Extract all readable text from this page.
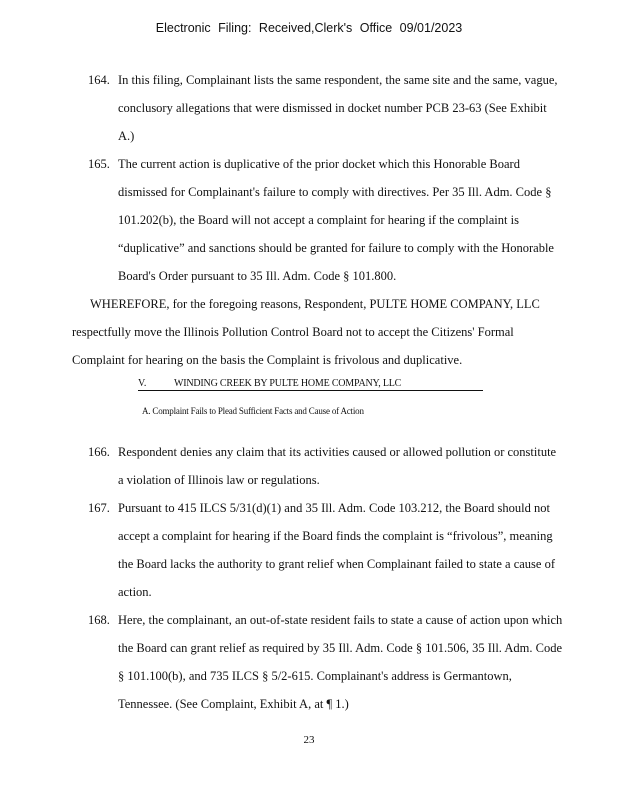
Electronic Filing: Received,Clerk's Office 09/01/2023
164. In this filing, Complainant lists the same respondent, the same site and the same, vague,
conclusory allegations that were dismissed in docket number PCB 23-63 (See Exhibit
A.)
165. The current action is duplicative of the prior docket which this Honorable Board
dismissed for Complainant's failure to comply with directives. Per 35 Ill. Adm. Code §
101.202(b), the Board will not accept a complaint for hearing if the complaint is
“duplicative” and sanctions should be granted for failure to comply with the Honorable
Board's Order pursuant to 35 Ill. Adm. Code § 101.800.
WHEREFORE, for the foregoing reasons, Respondent, PULTE HOME COMPANY, LLC
respectfully move the Illinois Pollution Control Board not to accept the Citizens' Formal
Complaint for hearing on the basis the Complaint is frivolous and duplicative.
V.	WINDING CREEK BY PULTE HOME COMPANY, LLC
A. Complaint Fails to Plead Sufficient Facts and Cause of Action
166. Respondent denies any claim that its activities caused or allowed pollution or constitute
a violation of Illinois law or regulations.
167. Pursuant to 415 ILCS 5/31(d)(1) and 35 Ill. Adm. Code 103.212, the Board should not
accept a complaint for hearing if the Board finds the complaint is “frivolous”, meaning
the Board lacks the authority to grant relief when Complainant failed to state a cause of
action.
168. Here, the complainant, an out-of-state resident fails to state a cause of action upon which
the Board can grant relief as required by 35 Ill. Adm. Code § 101.506, 35 Ill. Adm. Code
§ 101.100(b), and 735 ILCS § 5/2-615. Complainant's address is Germantown,
Tennessee. (See Complaint, Exhibit A, at ¶ 1.)
23
